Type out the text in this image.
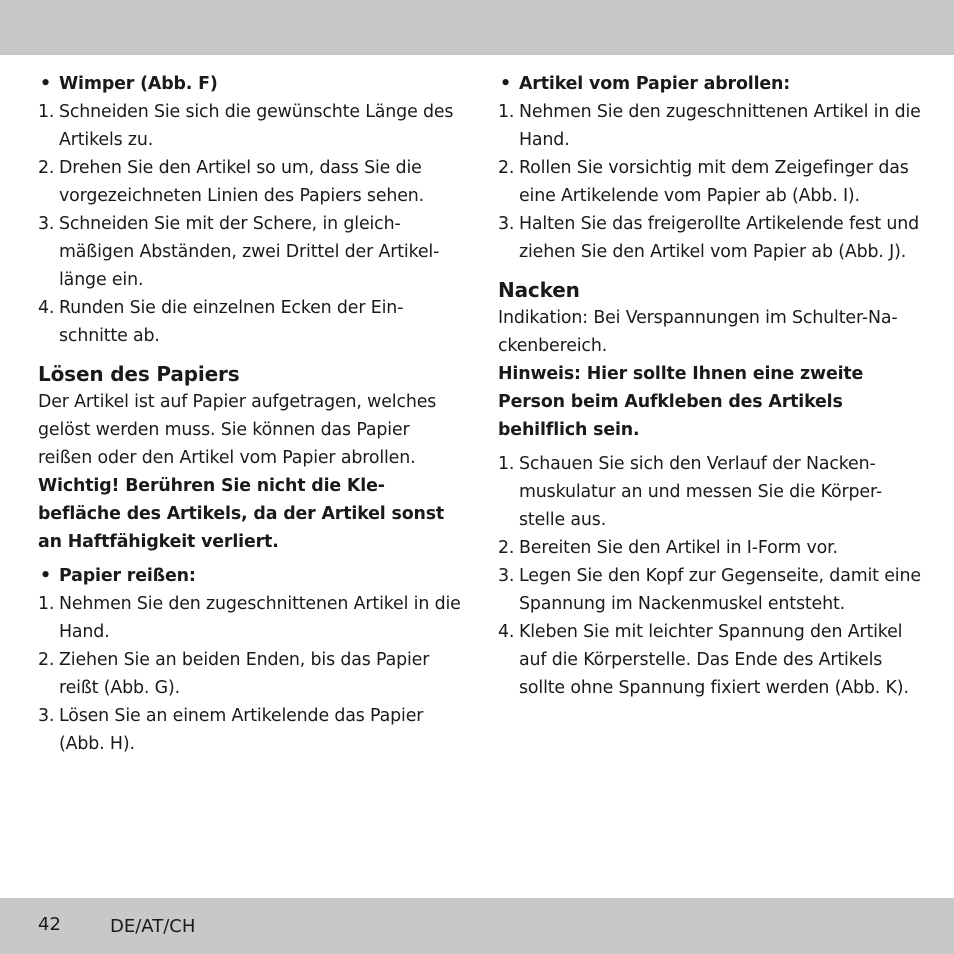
• Wimper (Abb. F)
1. Schneiden Sie sich die gewünschte Länge des Artikels zu.
2. Drehen Sie den Artikel so um, dass Sie die vorgezeichneten Linien des Papiers sehen.
3. Schneiden Sie mit der Schere, in gleich-mäßigen Abständen, zwei Drittel der Artikel-länge ein.
4. Runden Sie die einzelnen Ecken der Ein-schnitte ab.
Lösen des Papiers

Der Artikel ist auf Papier aufgetragen, welches gelöst werden muss. Sie können das Papier reißen oder den Artikel vom Papier abrollen.

Wichtig! Berühren Sie nicht die Kle-befläche des Artikels, da der Artikel sonst an Haftfähigkeit verliert.

• Papier reißen:
1. Nehmen Sie den zugeschnittenen Artikel in die Hand.
2. Ziehen Sie an beiden Enden, bis das Papier reißt (Abb. G).
3. Lösen Sie an einem Artikelende das Papier (Abb. H).
• Artikel vom Papier abrollen:
1. Nehmen Sie den zugeschnittenen Artikel in die Hand.
2. Rollen Sie vorsichtig mit dem Zeigefinger das eine Artikelende vom Papier ab (Abb. I).
3. Halten Sie das freigerollte Artikelende fest und ziehen Sie den Artikel vom Papier ab (Abb. J).
Nacken

Indikation: Bei Verspannungen im Schulter-Na-ckenbereich.

Hinweis: Hier sollte Ihnen eine zweite Person beim Aufkleben des Artikels behilflich sein.

1. Schauen Sie sich den Verlauf der Nacken-muskulatur an und messen Sie die Körper-stelle aus.
2. Bereiten Sie den Artikel in I-Form vor.
3. Legen Sie den Kopf zur Gegenseite, damit eine Spannung im Nackenmuskel entsteht.
4. Kleben Sie mit leichter Spannung den Artikel auf die Körperstelle. Das Ende des Artikels sollte ohne Spannung fixiert werden (Abb. K).
42	DE/AT/CH
